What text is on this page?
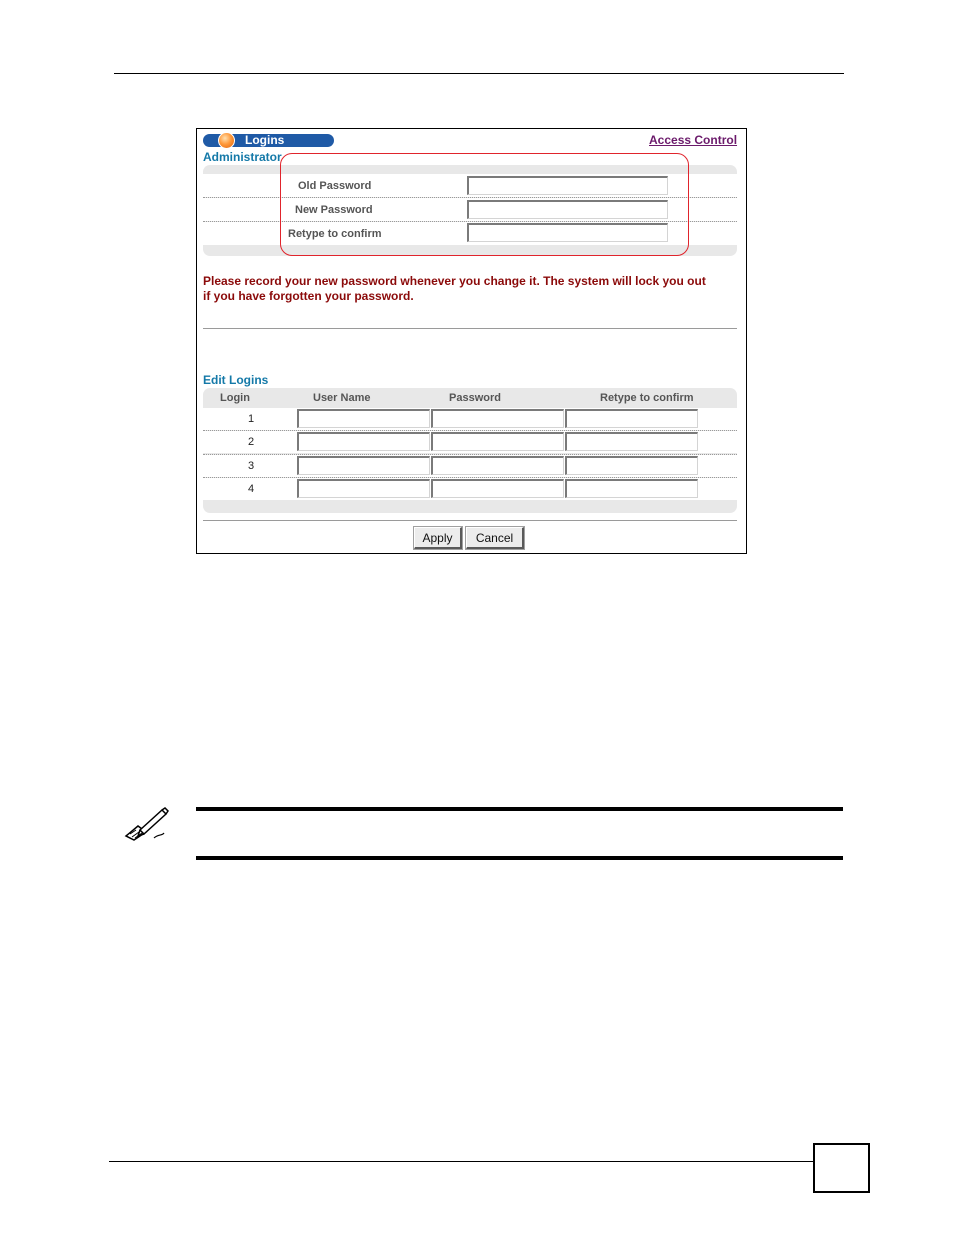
Logins	Access Control
Administrator
Old Password
New Password
Retype to confirm
Please record your new password whenever you change it. The system will lock you out
if you have forgotten your password.
Edit Logins
Login	User Name	Password	Retype to confirm
1
2
3
4
Apply	Cancel
